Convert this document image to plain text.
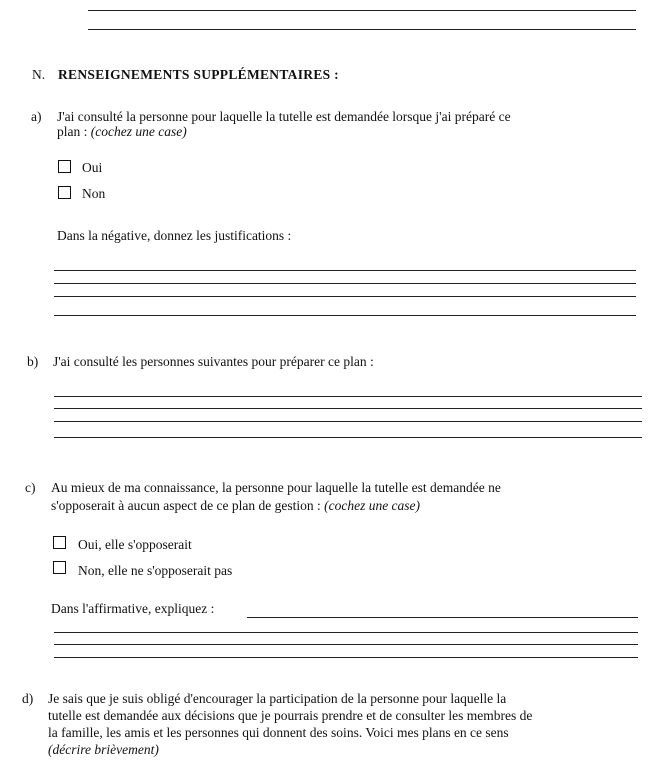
N. RENSEIGNEMENTS SUPPLÉMENTAIRES :
a) J'ai consulté la personne pour laquelle la tutelle est demandée lorsque j'ai préparé ce
plan : (cochez une case)
Oui
Non
Dans la négative, donnez les justifications :
b) J'ai consulté les personnes suivantes pour préparer ce plan :
c) Au mieux de ma connaissance, la personne pour laquelle la tutelle est demandée ne
s'opposerait à aucun aspect de ce plan de gestion : (cochez une case)
Oui, elle s'opposerait
Non, elle ne s'opposerait pas
Dans l'affirmative, expliquez :
d) Je sais que je suis obligé d'encourager la participation de la personne pour laquelle la
tutelle est demandée aux décisions que je pourrais prendre et de consulter les membres de
la famille, les amis et les personnes qui donnent des soins. Voici mes plans en ce sens
(décrire brièvement)
